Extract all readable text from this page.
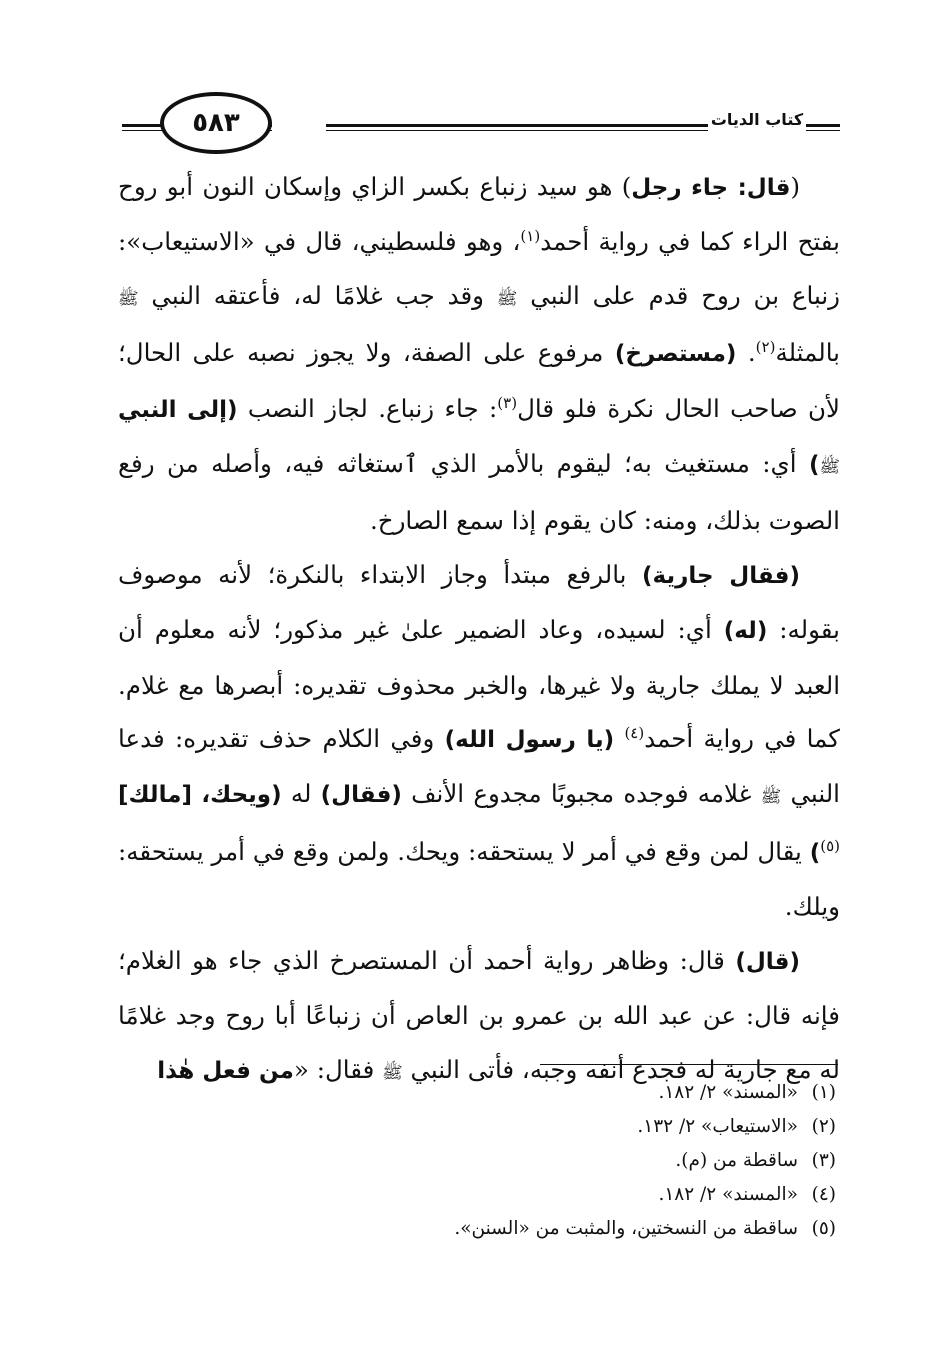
٥٨٣	كتاب الديات

(قال: جاء رجل) هو سيد زنباع بكسر الزاي وإسكان النون أبو روح بفتح الراء كما في رواية أحمد$^{(١)}$، وهو فلسطيني، قال في «الاستيعاب»: زنباع بن روح قدم على النبي ﷺ وقد جب غلامًا له، فأعتقه النبي ﷺ بالمثلة$^{(٢)}$. (مستصرخ) مرفوع على الصفة، ولا يجوز نصبه على الحال؛ لأن صاحب الحال نكرة فلو قال$^{(٣)}$: جاء زنباع. لجاز النصب (إلى النبي ﷺ) أي: مستغيث به؛ ليقوم بالأمر الذي ٱستغاثه فيه، وأصله من رفع الصوت بذلك، ومنه: كان يقوم إذا سمع الصارخ.

(فقال جارية) بالرفع مبتدأ وجاز الابتداء بالنكرة؛ لأنه موصوف بقوله: (له) أي: لسيده، وعاد الضمير علىٰ غير مذكور؛ لأنه معلوم أن العبد لا يملك جارية ولا غيرها، والخبر محذوف تقديره: أبصرها مع غلام. كما في رواية أحمد$^{(٤)}$ (يا رسول الله) وفي الكلام حذف تقديره: فدعا النبي ﷺ غلامه فوجده مجبوبًا مجدوع الأنف (فقال) له (ويحك، [مالك]$^{(٥)}$) يقال لمن وقع في أمر لا يستحقه: ويحك. ولمن وقع في أمر يستحقه: ويلك.

(قال) قال: وظاهر رواية أحمد أن المستصرخ الذي جاء هو الغلام؛ فإنه قال: عن عبد الله بن عمرو بن العاص أن زنباعًا أبا روح وجد غلامًا له مع جارية له فجدع أنفه وجبه، فأتى النبي ﷺ فقال: «من فعل هٰذا

(١)
«المسند» ٢/ ١٨٢.
(٢)
«الاستيعاب» ٢/ ١٣٢.
(٣)
ساقطة من (م).
(٤)
«المسند» ٢/ ١٨٢.
(٥)
ساقطة من النسختين، والمثبت من «السنن».
